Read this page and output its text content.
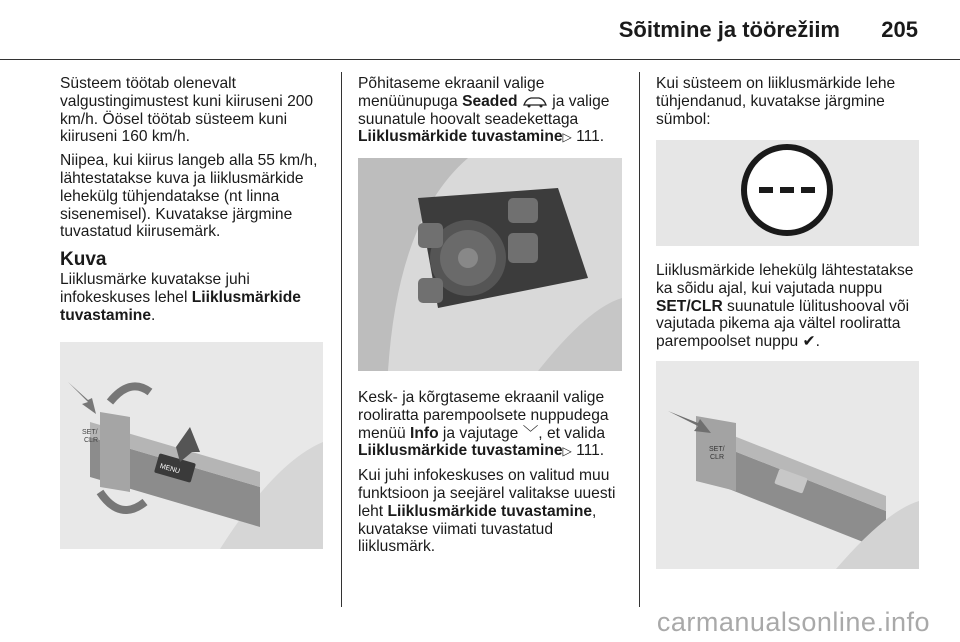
Sõitmine ja töörežiim 205

Süsteem töötab olenevalt valgustingimustest kuni kiiruseni 200 km/h. Öösel töötab süsteem kuni kiiruseni 160 km/h.

Niipea, kui kiirus langeb alla 55 km/h, lähtestatakse kuva ja liiklusmärkide lehekülg tühjendatakse (nt linna sisenemisel). Kuvatakse järgmine tuvastatud kiirusemärk.

Kuva

Liiklusmärke kuvatakse juhi infokeskuses lehel Liiklusmärkide tuvastamine.

MENU
SET/
CLR

Põhitaseme ekraanil valige menüünupuga Seaded  ja valige suunatule hoovalt seadekettaga Liiklusmärkide tuvastamine▷ 111.

Kesk- ja kõrgtaseme ekraanil valige rooliratta parempoolsete nuppudega menüü Info ja vajutage ﹀, et valida Liiklusmärkide tuvastamine▷ 111.

Kui juhi infokeskuses on valitud muu funktsioon ja seejärel valitakse uuesti leht Liiklusmärkide tuvastamine, kuvatakse viimati tuvastatud liiklusmärk.

Kui süsteem on liiklusmärkide lehe tühjendanud, kuvatakse järgmine sümbol:

Liiklusmärkide lehekülg lähtestatakse ka sõidu ajal, kui vajutada nuppu SET/CLR suunatule lülitushooval või vajutada pikema aja vältel rooliratta parempoolset nuppu ✔.

SET/
CLR
carmanualsonline.info
